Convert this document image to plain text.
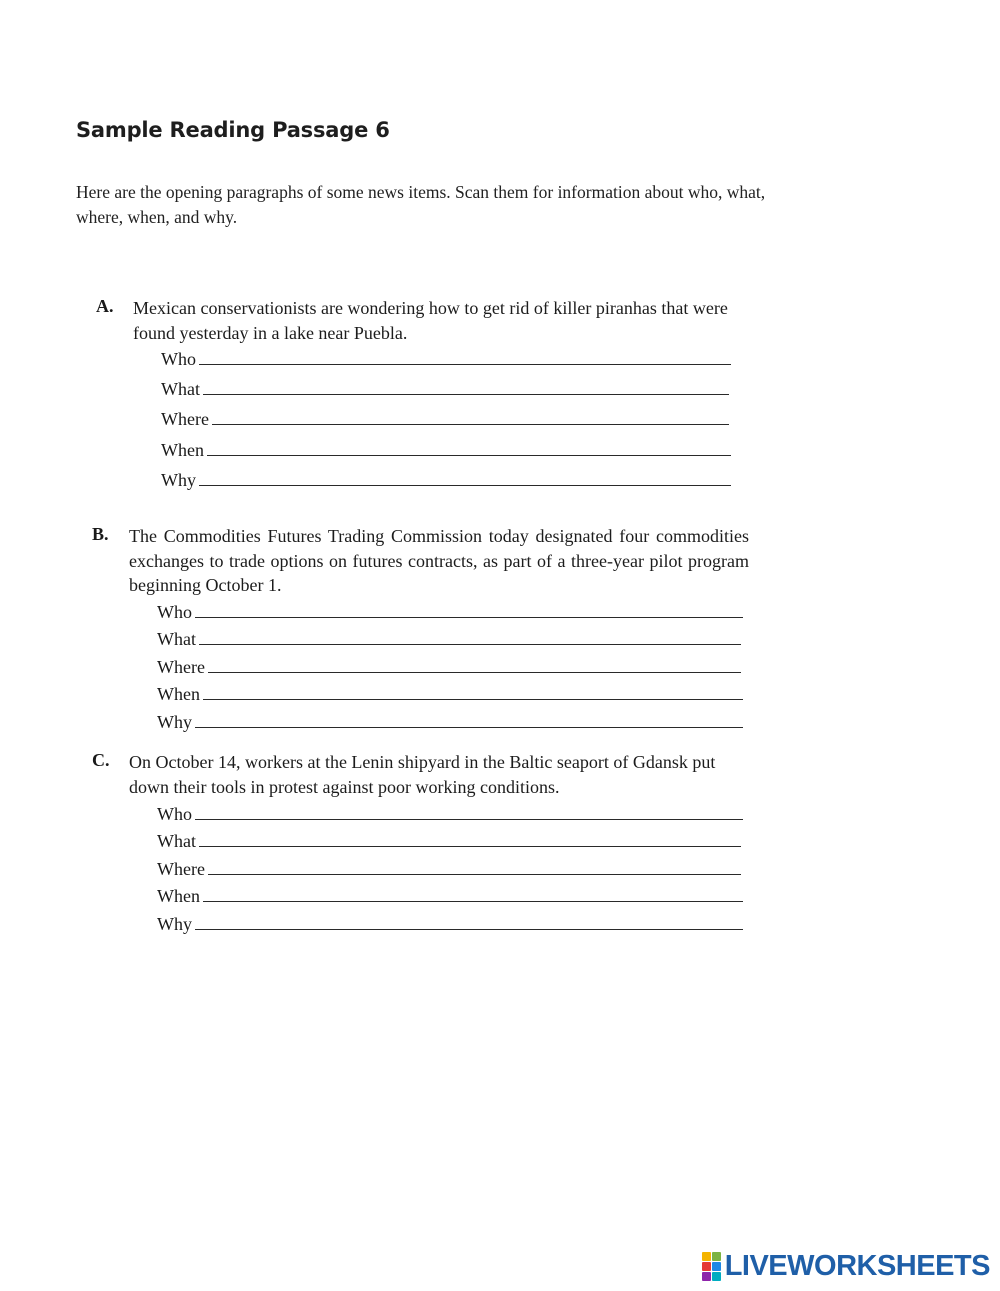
Sample Reading Passage 6
Here are the opening paragraphs of some news items. Scan them for information about who, what, where, when, and why.
A. Mexican conservationists are wondering how to get rid of killer piranhas that were found yesterday in a lake near Puebla.
Who
What
Where
When
Why
B. The Commodities Futures Trading Commission today designated four commodities exchanges to trade options on futures contracts, as part of a three-year pilot program beginning October 1.
Who
What
Where
When
Why
C. On October 14, workers at the Lenin shipyard in the Baltic seaport of Gdansk put down their tools in protest against poor working conditions.
Who
What
Where
When
Why
LIVEWORKSHEETS
